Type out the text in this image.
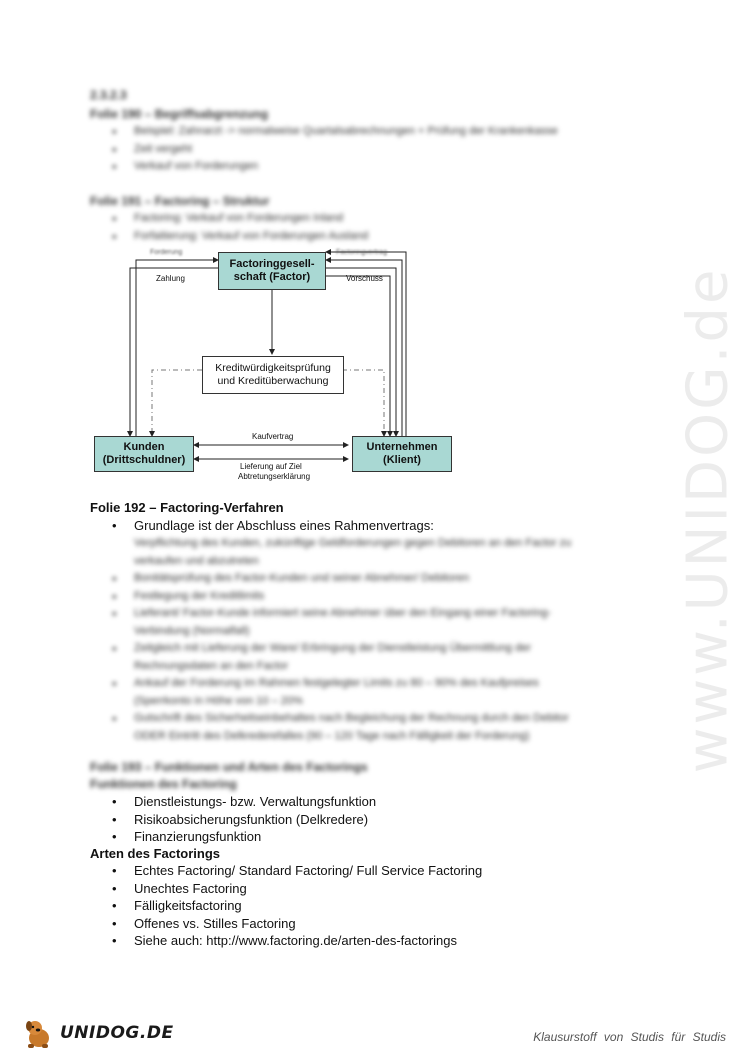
www.UNIDOG.de
2.3.2.3
Folie 190 – Begriffsabgrenzung
• Beispiel: Zahnarzt -> normalweise Quartalsabrechnungen + Prüfung der Krankenkasse
• Zeit vergeht
• Verkauf von Forderungen
Folie 191 – Factoring – Struktur
• Factoring: Verkauf von Forderungen Inland
• Forfaitierung: Verkauf von Forderungen Ausland
Factoringgesell-
schaft (Factor)
Kreditwürdigkeitsprüfung
und Kreditüberwachung
Kunden
(Drittschuldner)
Unternehmen
(Klient)
Forderung	Factoringvertrag
Zahlung	Vorschuss
Kaufvertrag
Lieferung auf Ziel
Abtretungserklärung
Folie 192 – Factoring-Verfahren
• Grundlage ist der Abschluss eines Rahmenvertrags:
Verpflichtung des Kunden, zukünftige Geldforderungen gegen Debitoren an den Factor zu
verkaufen und abzutreten
• Bonitätsprüfung des Factor-Kunden und seiner Abnehmer/ Debitoren
• Festlegung der Kreditlimits
• Lieferant/ Factor-Kunde informiert seine Abnehmer über den Eingang einer Factoring-
Verbindung (Normalfall)
• Zeitgleich mit Lieferung der Ware/ Erbringung der Dienstleistung Übermittlung der
Rechnungsdaten an den Factor
• Ankauf der Forderung im Rahmen festgelegter Limits zu 80 – 90% des Kaufpreises
(Sperrkonto in Höhe von 10 – 20%
• Gutschrift des Sicherheitseinbehaltes nach Begleichung der Rechnung durch den Debitor
ODER Eintritt des Delkrederefalles (90 – 120 Tage nach Fälligkeit der Forderung)
Folie 193 – Funktionen und Arten des Factorings
Funktionen des Factoring
• Dienstleistungs- bzw. Verwaltungsfunktion
• Risikoabsicherungsfunktion (Delkredere)
• Finanzierungsfunktion
Arten des Factorings
• Echtes Factoring/ Standard Factoring/ Full Service Factoring
• Unechtes Factoring
• Fälligkeitsfactoring
• Offenes vs. Stilles Factoring
• Siehe auch: http://www.factoring.de/arten-des-factorings
UNIDOG.DE	Klausurstoff von Studis für Studis
